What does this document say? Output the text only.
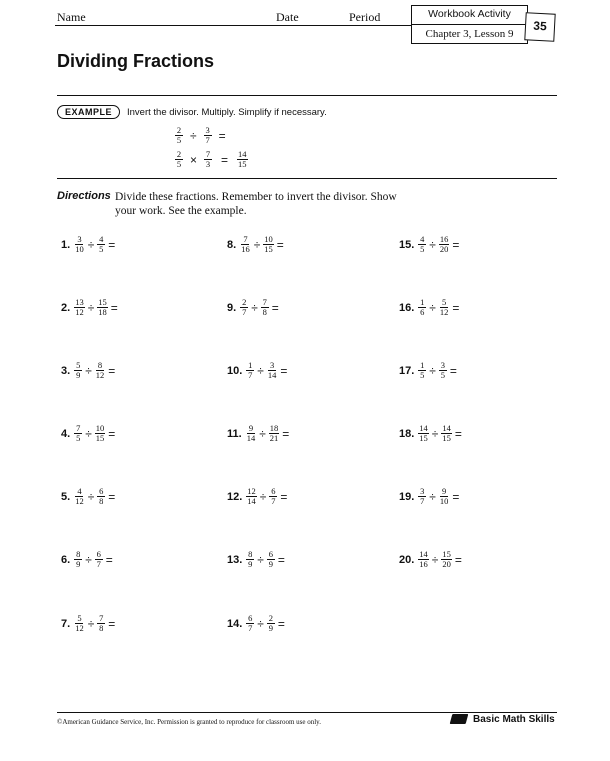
Name	Date	Period	Workbook Activity
Chapter 3, Lesson 9
35
Dividing Fractions
EXAMPLE	Invert the divisor. Multiply. Simplify if necessary.
$\frac{2}{5} \div \frac{3}{7}$ =
$\frac{2}{5} \times \frac{7}{3} = \frac{14}{15}$
Directions Divide these fractions. Remember to invert the divisor. Show your work. See the example.
1. $\frac{3}{10} \div \frac{4}{5}$ =
2. $\frac{13}{12} \div \frac{15}{18}$ =
3. $\frac{5}{9} \div \frac{8}{12}$ =
4. $\frac{7}{5} \div \frac{10}{15}$ =
5. $\frac{4}{12} \div \frac{6}{8}$ =
6. $\frac{8}{9} \div \frac{6}{7}$ =
7. $\frac{5}{12} \div \frac{7}{8}$ =
8. $\frac{7}{16} \div \frac{10}{15}$ =
9. $\frac{2}{7} \div \frac{7}{8}$ =
10. $\frac{1}{7} \div \frac{3}{14}$ =
11. $\frac{9}{14} \div \frac{18}{21}$ =
12. $\frac{12}{14} \div \frac{6}{7}$ =
13. $\frac{8}{9} \div \frac{6}{9}$ =
14. $\frac{6}{7} \div \frac{2}{9}$ =
15. $\frac{4}{5} \div \frac{16}{20}$ =
16. $\frac{1}{6} \div \frac{5}{12}$ =
17. $\frac{1}{5} \div \frac{3}{5}$ =
18. $\frac{14}{15} \div \frac{14}{15}$ =
19. $\frac{3}{7} \div \frac{9}{10}$ =
20. $\frac{14}{16} \div \frac{15}{20}$ =
©American Guidance Service, Inc. Permission is granted to reproduce for classroom use only.	Basic Math Skills
